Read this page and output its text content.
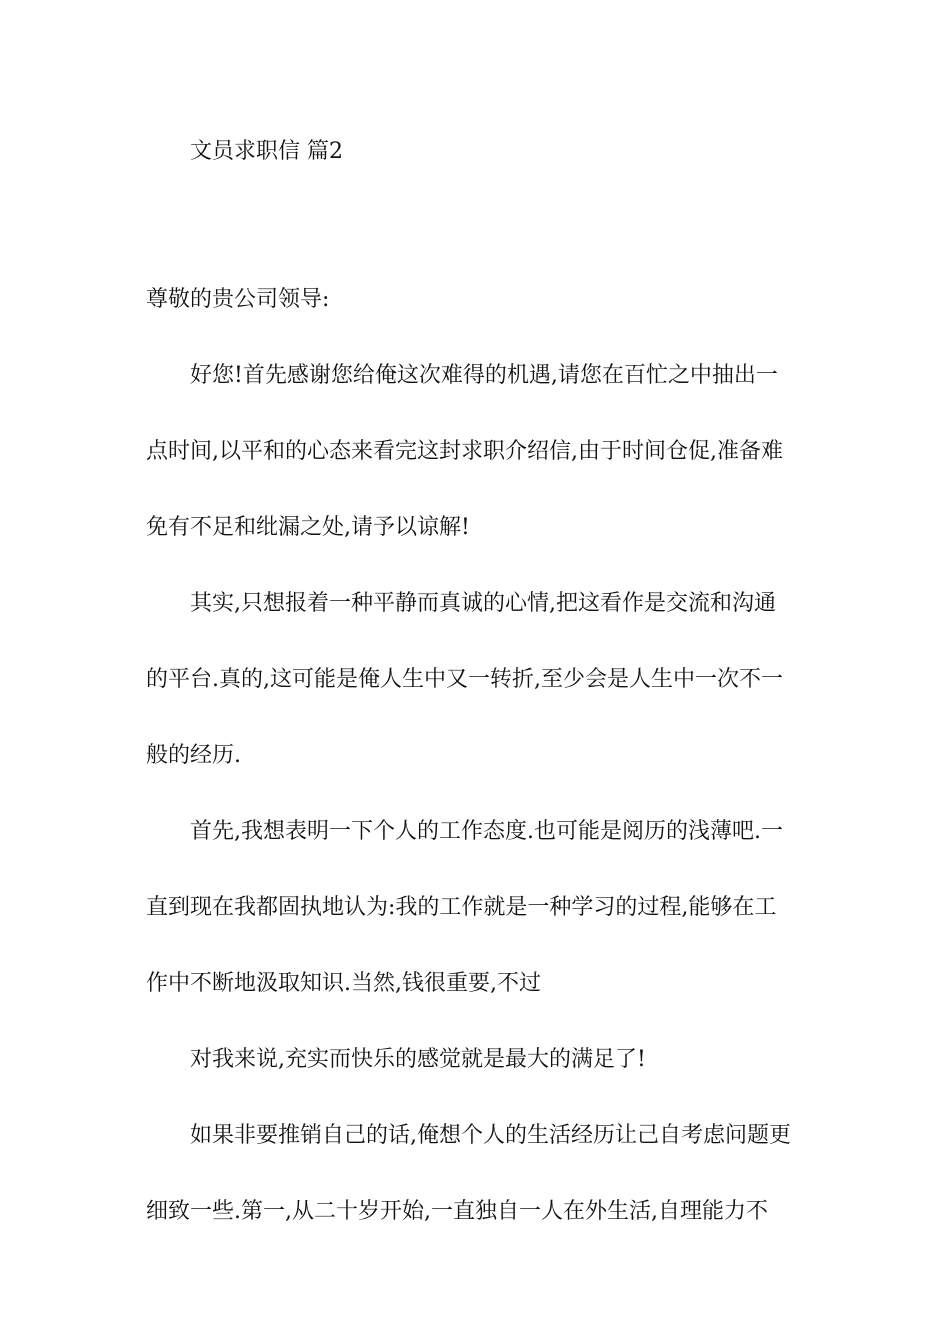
文员求职信 篇2
尊敬的贵公司领导:
好您!首先感谢您给俺这次难得的机遇,请您在百忙之中抽出一
点时间,以平和的心态来看完这封求职介绍信,由于时间仓促,准备难
免有不足和纰漏之处,请予以谅解!
其实,只想报着一种平静而真诚的心情,把这看作是交流和沟通
的平台.真的,这可能是俺人生中又一转折,至少会是人生中一次不一
般的经历.
首先,我想表明一下个人的工作态度.也可能是阅历的浅薄吧.一
直到现在我都固执地认为:我的工作就是一种学习的过程,能够在工
作中不断地汲取知识.当然,钱很重要,不过
对我来说,充实而快乐的感觉就是最大的满足了!
如果非要推销自己的话,俺想个人的生活经历让己自考虑问题更
细致一些.第一,从二十岁开始,一直独自一人在外生活,自理能力不
